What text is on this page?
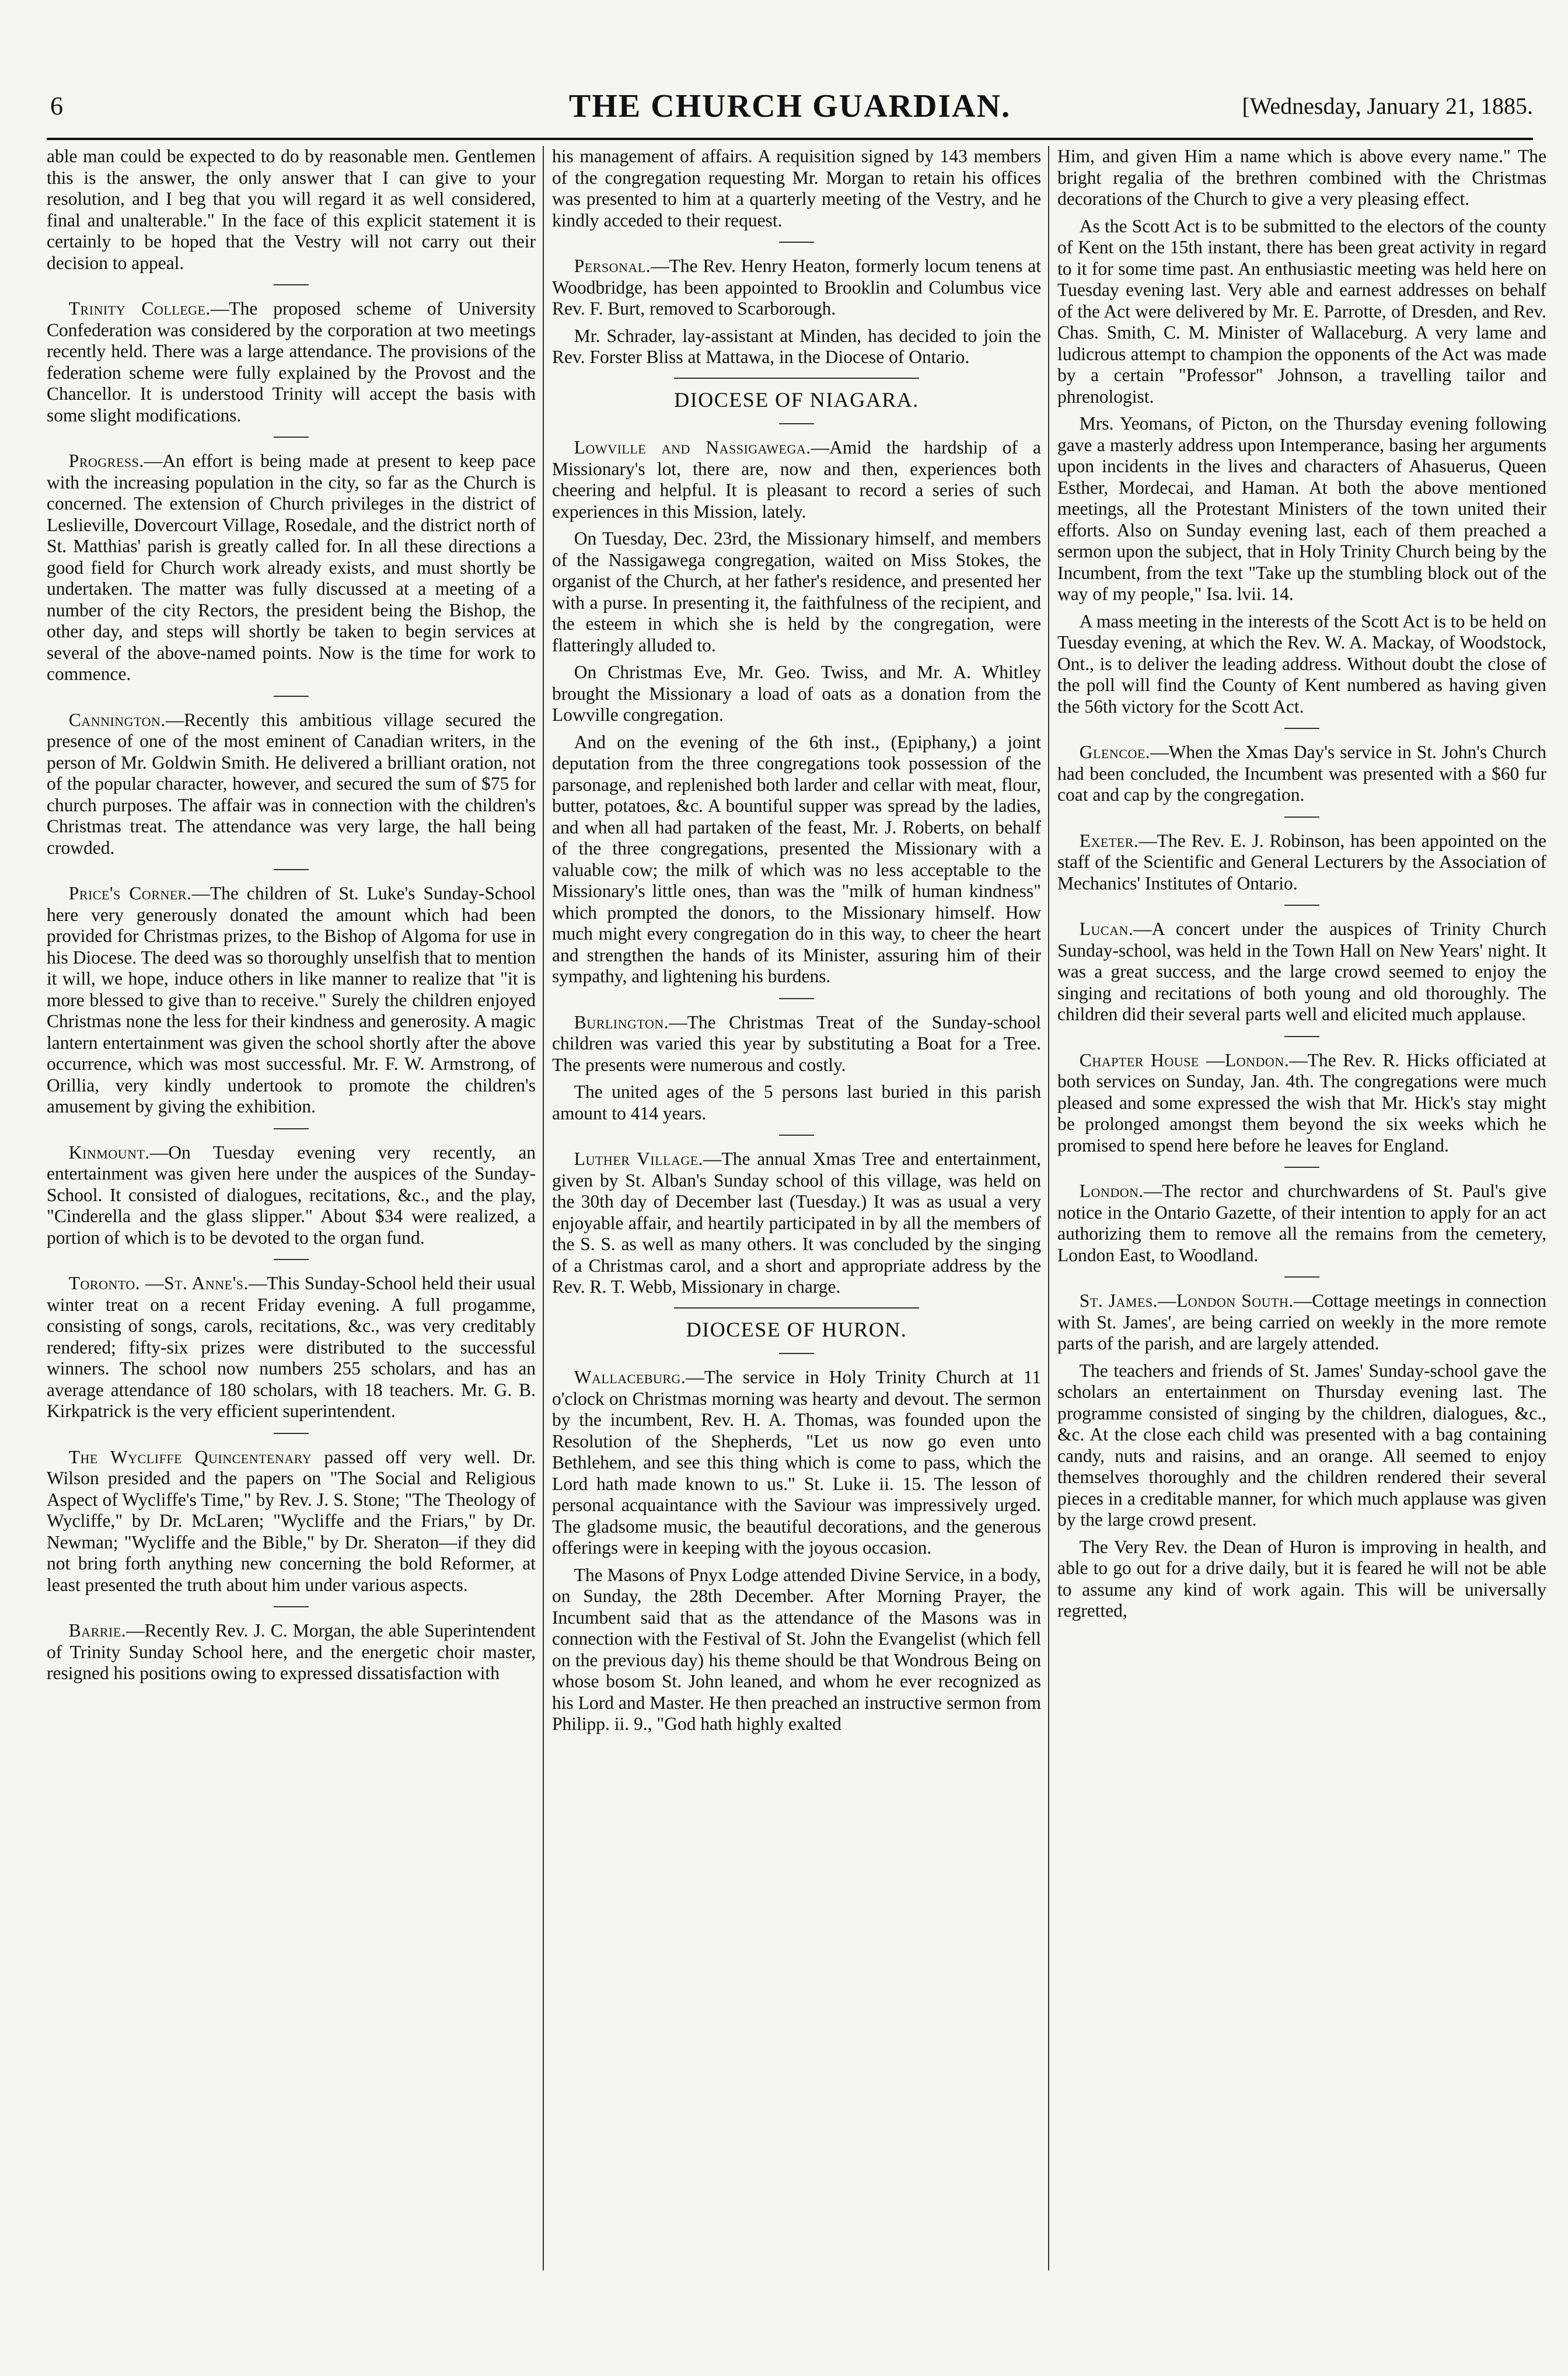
6	THE CHURCH GUARDIAN.	[Wednesday, January 21, 1885.

able man could be expected to do by reasonable men. Gentlemen this is the answer, the only answer that I can give to your resolution, and I beg that you will regard it as well considered, final and unalterable." In the face of this explicit statement it is certainly to be hoped that the Vestry will not carry out their decision to appeal.

Trinity College.—The proposed scheme of University Confederation was considered by the corporation at two meetings recently held. There was a large attendance. The provisions of the federation scheme were fully explained by the Provost and the Chancellor. It is understood Trinity will accept the basis with some slight modifications.

Progress.—An effort is being made at present to keep pace with the increasing population in the city, so far as the Church is concerned. The extension of Church privileges in the district of Leslieville, Dovercourt Village, Rosedale, and the district north of St. Matthias' parish is greatly called for. In all these directions a good field for Church work already exists, and must shortly be undertaken. The matter was fully discussed at a meeting of a number of the city Rectors, the president being the Bishop, the other day, and steps will shortly be taken to begin services at several of the above-named points. Now is the time for work to commence.

Cannington.—Recently this ambitious village secured the presence of one of the most eminent of Canadian writers, in the person of Mr. Goldwin Smith. He delivered a brilliant oration, not of the popular character, however, and secured the sum of $75 for church purposes. The affair was in connection with the children's Christmas treat. The attendance was very large, the hall being crowded.

Price's Corner.—The children of St. Luke's Sunday-School here very generously donated the amount which had been provided for Christmas prizes, to the Bishop of Algoma for use in his Diocese. The deed was so thoroughly unselfish that to mention it will, we hope, induce others in like manner to realize that "it is more blessed to give than to receive." Surely the children enjoyed Christmas none the less for their kindness and generosity. A magic lantern entertainment was given the school shortly after the above occurrence, which was most successful. Mr. F. W. Armstrong, of Orillia, very kindly undertook to promote the children's amusement by giving the exhibition.

Kinmount.—On Tuesday evening very recently, an entertainment was given here under the auspices of the Sunday-School. It consisted of dialogues, recitations, &c., and the play, "Cinderella and the glass slipper." About $34 were realized, a portion of which is to be devoted to the organ fund.

Toronto. —St. Anne's.—This Sunday-School held their usual winter treat on a recent Friday evening. A full progamme, consisting of songs, carols, recitations, &c., was very creditably rendered; fifty-six prizes were distributed to the successful winners. The school now numbers 255 scholars, and has an average attendance of 180 scholars, with 18 teachers. Mr. G. B. Kirkpatrick is the very efficient superintendent.

The Wycliffe Quincentenary passed off very well. Dr. Wilson presided and the papers on "The Social and Religious Aspect of Wycliffe's Time," by Rev. J. S. Stone; "The Theology of Wycliffe," by Dr. McLaren; "Wycliffe and the Friars," by Dr. Newman; "Wycliffe and the Bible," by Dr. Sheraton—if they did not bring forth anything new concerning the bold Reformer, at least presented the truth about him under various aspects.

Barrie.—Recently Rev. J. C. Morgan, the able Superintendent of Trinity Sunday School here, and the energetic choir master, resigned his positions owing to expressed dissatisfaction with

his management of affairs. A requisition signed by 143 members of the congregation requesting Mr. Morgan to retain his offices was presented to him at a quarterly meeting of the Vestry, and he kindly acceded to their request.

Personal.—The Rev. Henry Heaton, formerly locum tenens at Woodbridge, has been appointed to Brooklin and Columbus vice Rev. F. Burt, removed to Scarborough.

Mr. Schrader, lay-assistant at Minden, has decided to join the Rev. Forster Bliss at Mattawa, in the Diocese of Ontario.

DIOCESE OF NIAGARA.

Lowville and Nassigawega.—Amid the hardship of a Missionary's lot, there are, now and then, experiences both cheering and helpful. It is pleasant to record a series of such experiences in this Mission, lately.

On Tuesday, Dec. 23rd, the Missionary himself, and members of the Nassigawega congregation, waited on Miss Stokes, the organist of the Church, at her father's residence, and presented her with a purse. In presenting it, the faithfulness of the recipient, and the esteem in which she is held by the congregation, were flatteringly alluded to.

On Christmas Eve, Mr. Geo. Twiss, and Mr. A. Whitley brought the Missionary a load of oats as a donation from the Lowville congregation.

And on the evening of the 6th inst., (Epiphany,) a joint deputation from the three congregations took possession of the parsonage, and replenished both larder and cellar with meat, flour, butter, potatoes, &c. A bountiful supper was spread by the ladies, and when all had partaken of the feast, Mr. J. Roberts, on behalf of the three congregations, presented the Missionary with a valuable cow; the milk of which was no less acceptable to the Missionary's little ones, than was the "milk of human kindness" which prompted the donors, to the Missionary himself. How much might every congregation do in this way, to cheer the heart and strengthen the hands of its Minister, assuring him of their sympathy, and lightening his burdens.

Burlington.—The Christmas Treat of the Sunday-school children was varied this year by substituting a Boat for a Tree. The presents were numerous and costly.

The united ages of the 5 persons last buried in this parish amount to 414 years.

Luther Village.—The annual Xmas Tree and entertainment, given by St. Alban's Sunday school of this village, was held on the 30th day of December last (Tuesday.) It was as usual a very enjoyable affair, and heartily participated in by all the members of the S. S. as well as many others. It was concluded by the singing of a Christmas carol, and a short and appropriate address by the Rev. R. T. Webb, Missionary in charge.

DIOCESE OF HURON.

Wallaceburg.—The service in Holy Trinity Church at 11 o'clock on Christmas morning was hearty and devout. The sermon by the incumbent, Rev. H. A. Thomas, was founded upon the Resolution of the Shepherds, "Let us now go even unto Bethlehem, and see this thing which is come to pass, which the Lord hath made known to us." St. Luke ii. 15. The lesson of personal acquaintance with the Saviour was impressively urged. The gladsome music, the beautiful decorations, and the generous offerings were in keeping with the joyous occasion.

The Masons of Pnyx Lodge attended Divine Service, in a body, on Sunday, the 28th December. After Morning Prayer, the Incumbent said that as the attendance of the Masons was in connection with the Festival of St. John the Evangelist (which fell on the previous day) his theme should be that Wondrous Being on whose bosom St. John leaned, and whom he ever recognized as his Lord and Master. He then preached an instructive sermon from Philipp. ii. 9., "God hath highly exalted

Him, and given Him a name which is above every name." The bright regalia of the brethren combined with the Christmas decorations of the Church to give a very pleasing effect.

As the Scott Act is to be submitted to the electors of the county of Kent on the 15th instant, there has been great activity in regard to it for some time past. An enthusiastic meeting was held here on Tuesday evening last. Very able and earnest addresses on behalf of the Act were delivered by Mr. E. Parrotte, of Dresden, and Rev. Chas. Smith, C. M. Minister of Wallaceburg. A very lame and ludicrous attempt to champion the opponents of the Act was made by a certain "Professor" Johnson, a travelling tailor and phrenologist.

Mrs. Yeomans, of Picton, on the Thursday evening following gave a masterly address upon Intemperance, basing her arguments upon incidents in the lives and characters of Ahasuerus, Queen Esther, Mordecai, and Haman. At both the above mentioned meetings, all the Protestant Ministers of the town united their efforts. Also on Sunday evening last, each of them preached a sermon upon the subject, that in Holy Trinity Church being by the Incumbent, from the text "Take up the stumbling block out of the way of my people," Isa. lvii. 14.

A mass meeting in the interests of the Scott Act is to be held on Tuesday evening, at which the Rev. W. A. Mackay, of Woodstock, Ont., is to deliver the leading address. Without doubt the close of the poll will find the County of Kent numbered as having given the 56th victory for the Scott Act.

Glencoe.—When the Xmas Day's service in St. John's Church had been concluded, the Incumbent was presented with a $60 fur coat and cap by the congregation.

Exeter.—The Rev. E. J. Robinson, has been appointed on the staff of the Scientific and General Lecturers by the Association of Mechanics' Institutes of Ontario.

Lucan.—A concert under the auspices of Trinity Church Sunday-school, was held in the Town Hall on New Years' night. It was a great success, and the large crowd seemed to enjoy the singing and recitations of both young and old thoroughly. The children did their several parts well and elicited much applause.

Chapter House —London.—The Rev. R. Hicks officiated at both services on Sunday, Jan. 4th. The congregations were much pleased and some expressed the wish that Mr. Hick's stay might be prolonged amongst them beyond the six weeks which he promised to spend here before he leaves for England.

London.—The rector and churchwardens of St. Paul's give notice in the Ontario Gazette, of their intention to apply for an act authorizing them to remove all the remains from the cemetery, London East, to Woodland.

St. James.—London South.—Cottage meetings in connection with St. James', are being carried on weekly in the more remote parts of the parish, and are largely attended.

The teachers and friends of St. James' Sunday-school gave the scholars an entertainment on Thursday evening last. The programme consisted of singing by the children, dialogues, &c., &c. At the close each child was presented with a bag containing candy, nuts and raisins, and an orange. All seemed to enjoy themselves thoroughly and the children rendered their several pieces in a creditable manner, for which much applause was given by the large crowd present.

The Very Rev. the Dean of Huron is improving in health, and able to go out for a drive daily, but it is feared he will not be able to assume any kind of work again. This will be universally regretted,
